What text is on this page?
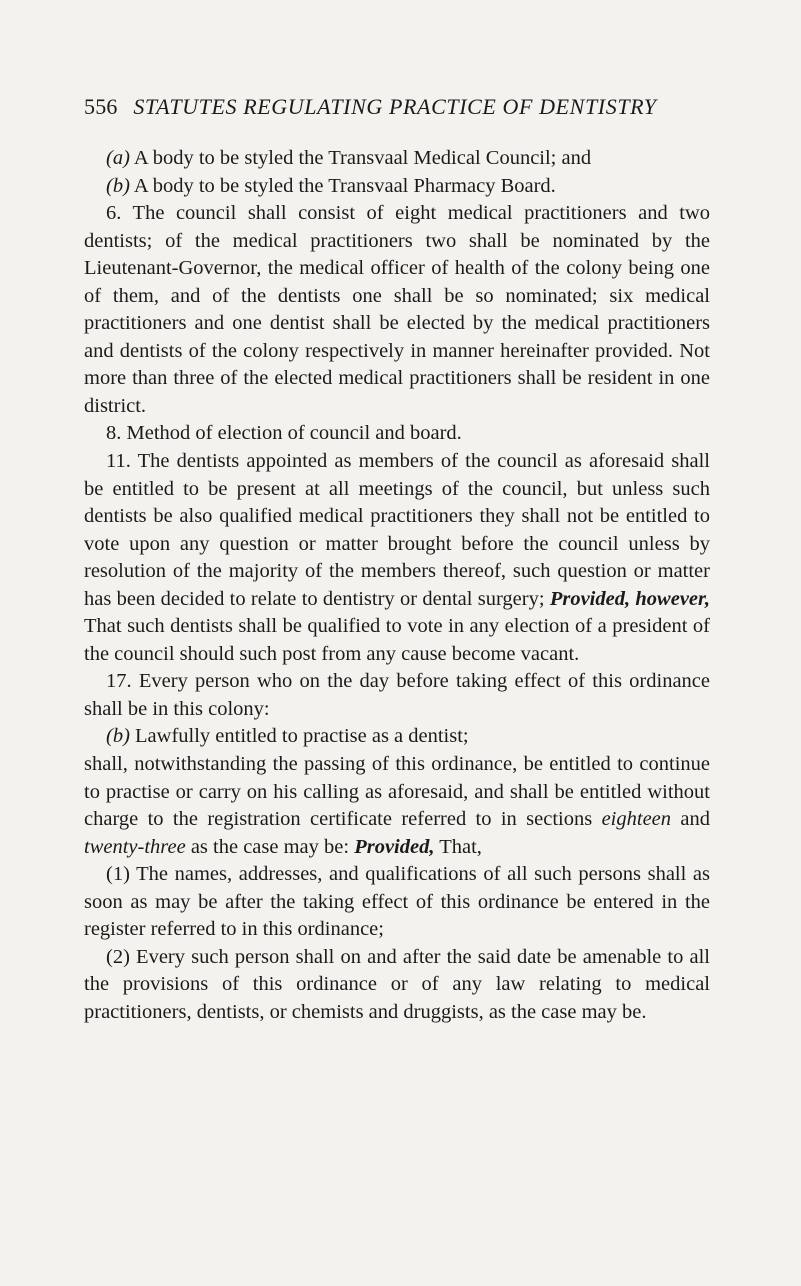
556 STATUTES REGULATING PRACTICE OF DENTISTRY

(a) A body to be styled the Transvaal Medical Council; and

(b) A body to be styled the Transvaal Pharmacy Board.

6. The council shall consist of eight medical practitioners and two dentists; of the medical practitioners two shall be nominated by the Lieutenant-Governor, the medical officer of health of the colony being one of them, and of the dentists one shall be so nominated; six medical practitioners and one dentist shall be elected by the medical practitioners and dentists of the colony respectively in manner hereinafter provided. Not more than three of the elected medical practitioners shall be resident in one district.

8. Method of election of council and board.

11. The dentists appointed as members of the council as aforesaid shall be entitled to be present at all meetings of the council, but unless such dentists be also qualified medical practitioners they shall not be entitled to vote upon any question or matter brought before the council unless by resolution of the majority of the members thereof, such question or matter has been decided to relate to dentistry or dental surgery; Provided, however, That such dentists shall be qualified to vote in any election of a president of the council should such post from any cause become vacant.

17. Every person who on the day before taking effect of this ordinance shall be in this colony:

(b) Lawfully entitled to practise as a dentist;

shall, notwithstanding the passing of this ordinance, be entitled to continue to practise or carry on his calling as aforesaid, and shall be entitled without charge to the registration certificate referred to in sections eighteen and twenty-three as the case may be: Provided, That,

(1) The names, addresses, and qualifications of all such persons shall as soon as may be after the taking effect of this ordinance be entered in the register referred to in this ordinance;

(2) Every such person shall on and after the said date be amenable to all the provisions of this ordinance or of any law relating to medical practitioners, dentists, or chemists and druggists, as the case may be.
